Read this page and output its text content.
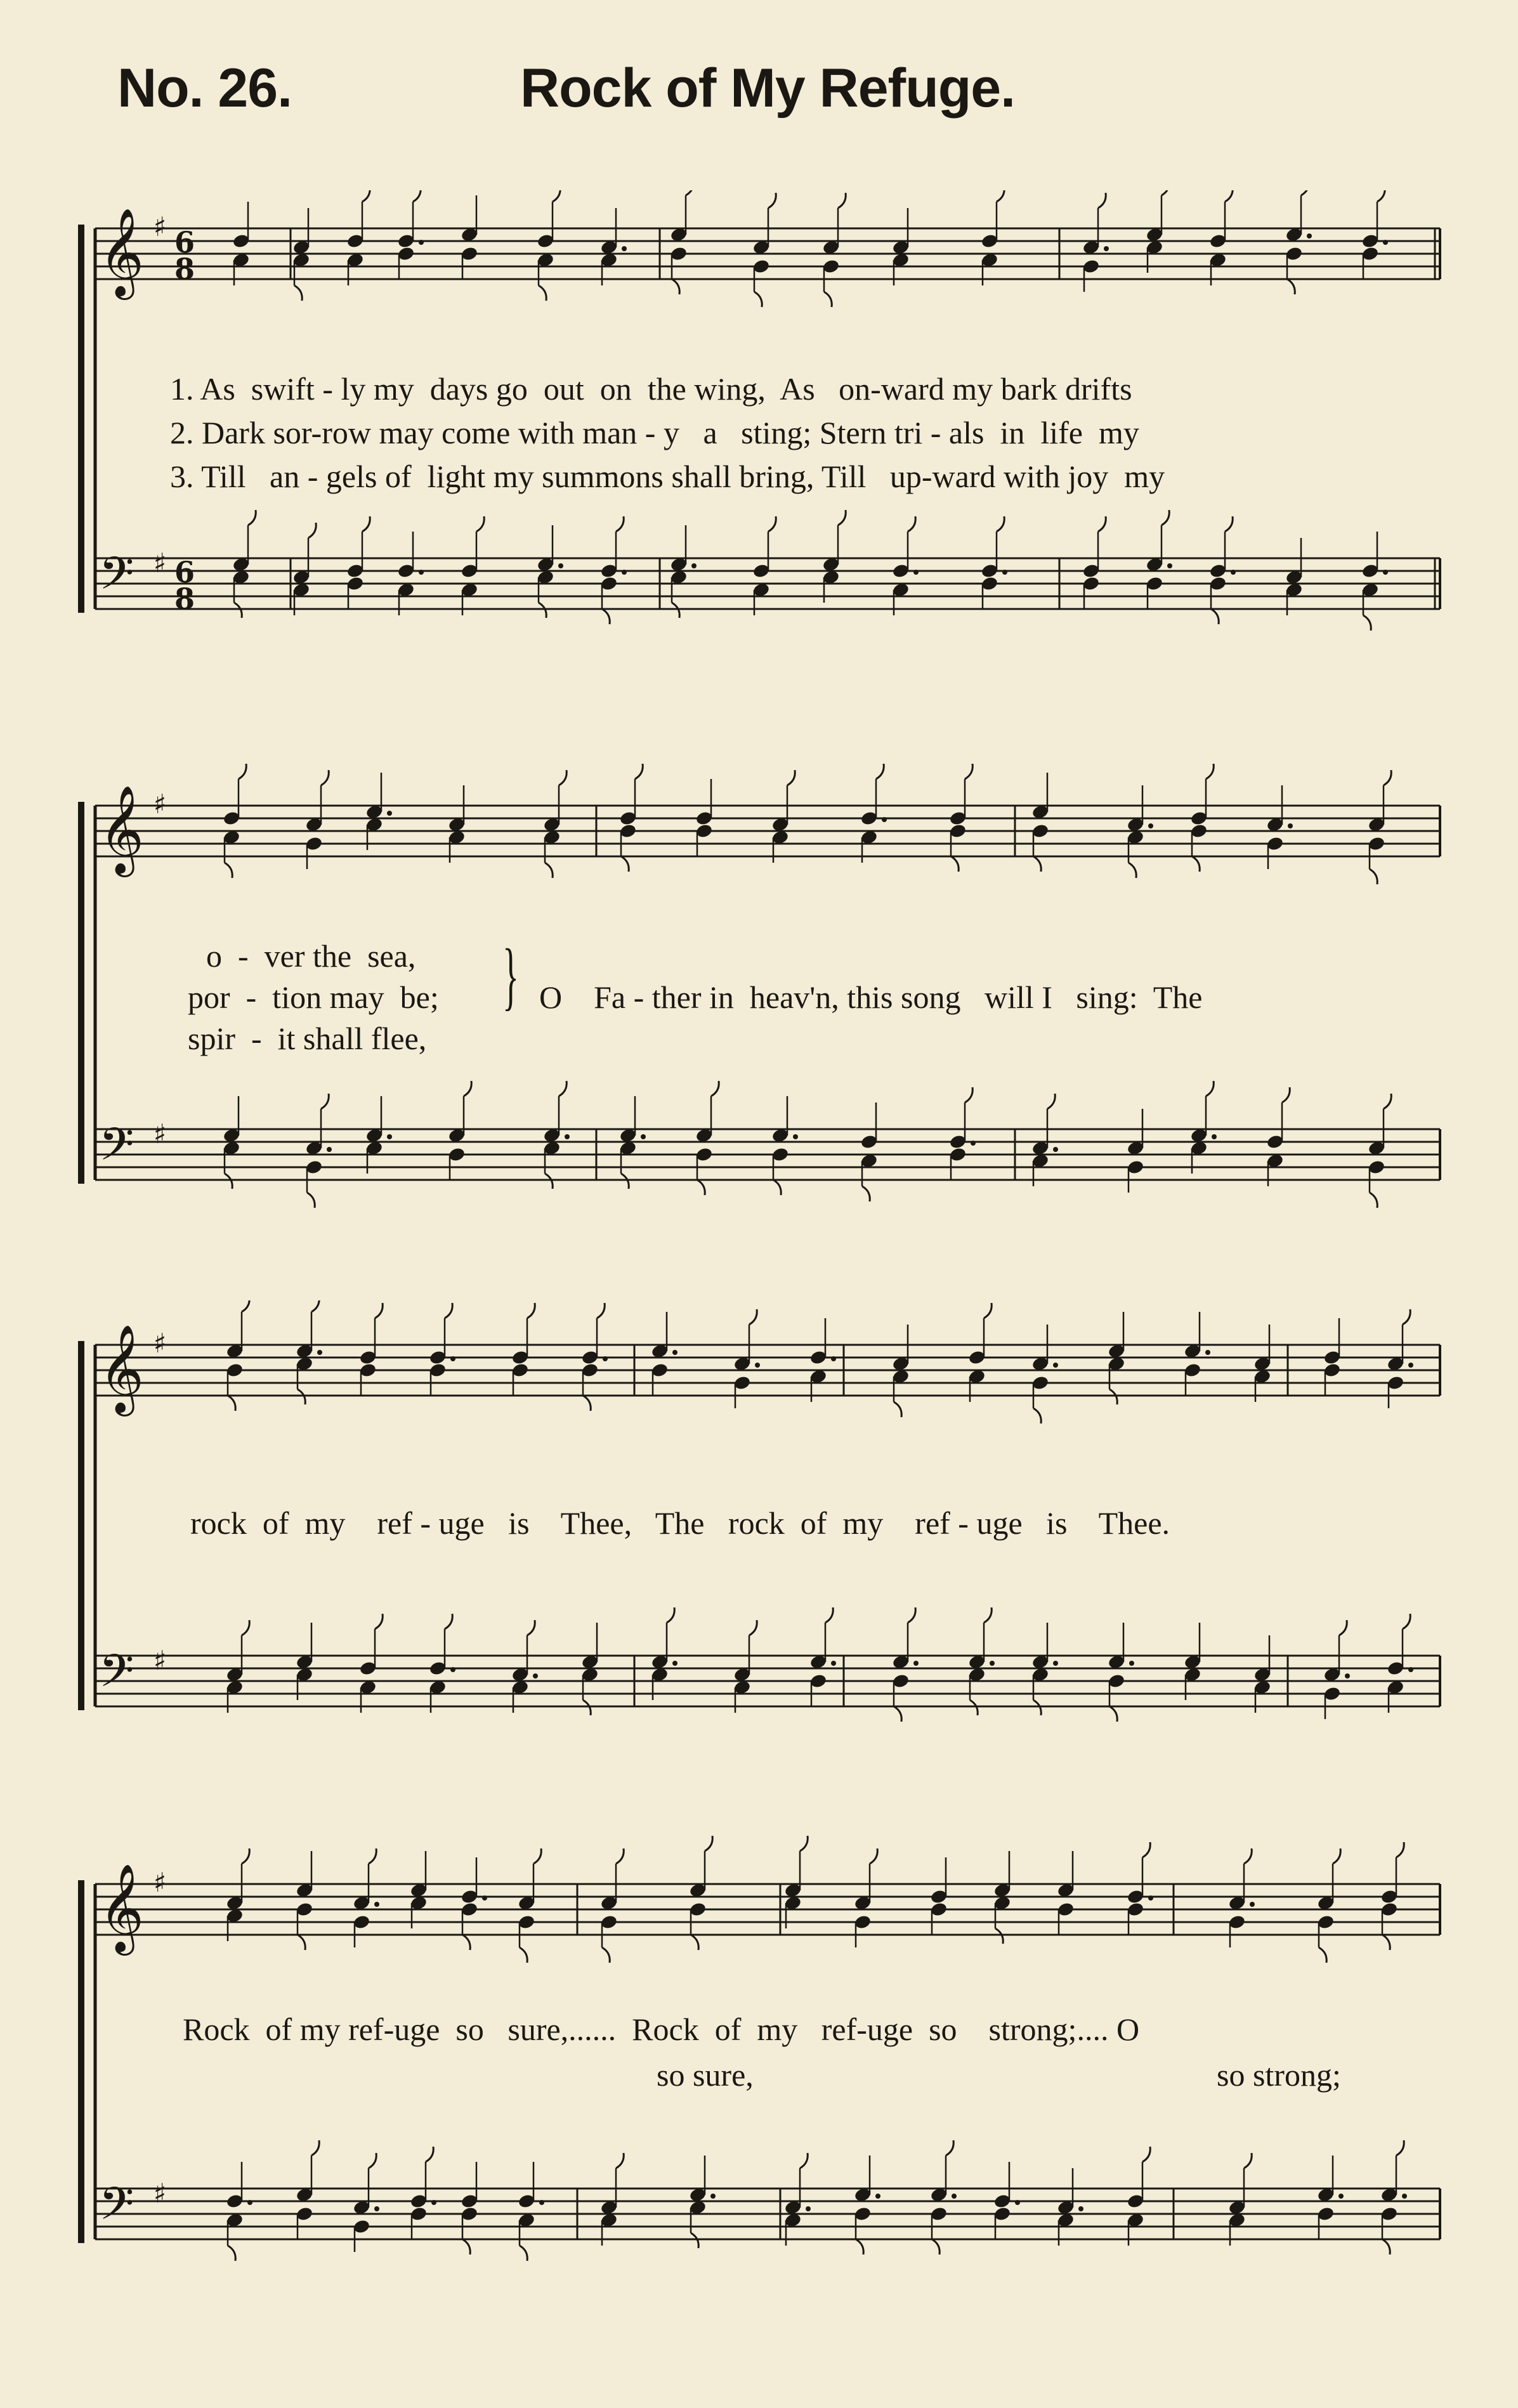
No. 26.	Rock of My Refuge.
𝄞
𝄢
♯
♯
6
8
6
8
1. As  swift - ly my  days go  out  on  the wing,  As   on-ward my bark drifts
2. Dark sor-row may come with man - y   a   sting; Stern tri - als  in  life  my
3. Till   an - gels of  light my summons shall bring, Till   up-ward with joy  my
𝄞
𝄢
♯
♯
o  -  ver the  sea,
por  -  tion may  be;
spir  -  it shall flee,
} O    Fa - ther in  heav'n, this song   will I   sing:  The
𝄞
𝄢
♯
♯
rock  of  my    ref - uge   is    Thee,   The   rock  of  my    ref - uge   is    Thee.
𝄞
𝄢
♯
♯
Rock  of my ref-uge  so   sure,......  Rock  of  my   ref-uge  so    strong;.... O
so sure,	so strong;
